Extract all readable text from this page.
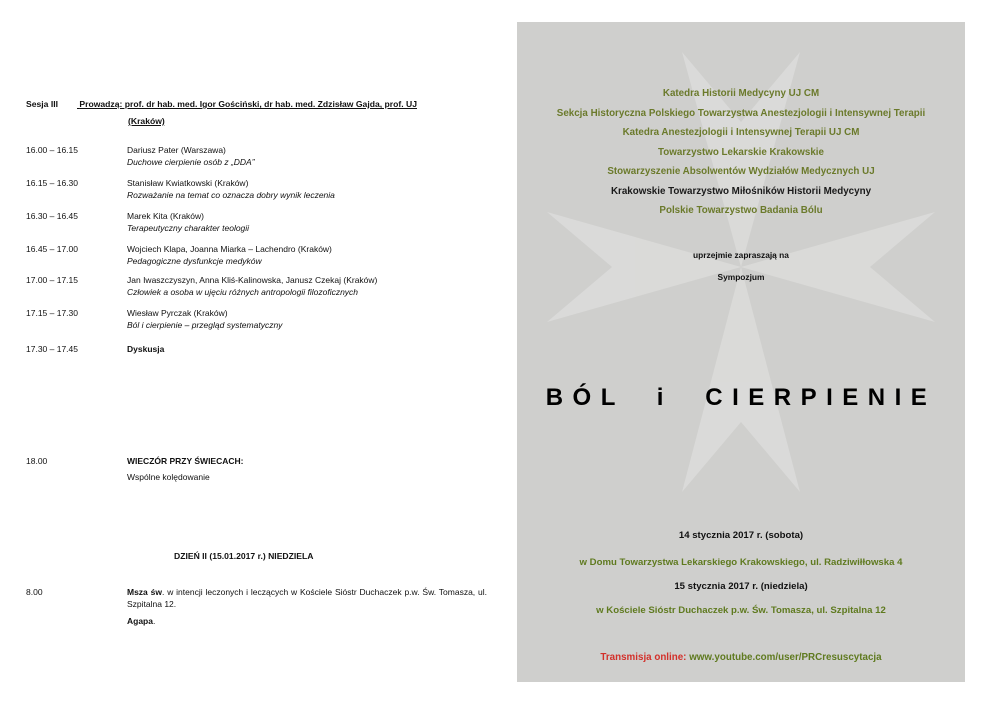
Sesja III Prowadzą: prof. dr hab. med. Igor Gościński, dr hab. med. Zdzisław Gajda, prof. UJ
(Kraków)
16.00 – 16.15	Dariusz Pater (Warszawa)
Duchowe cierpienie osób z „DDA”
16.15 – 16.30	Stanisław Kwiatkowski (Kraków)
Rozważanie na temat co oznacza dobry wynik leczenia
16.30 – 16.45	Marek Kita (Kraków)
Terapeutyczny charakter teologii
16.45 – 17.00	Wojciech Klapa, Joanna Miarka – Lachendro (Kraków)
Pedagogiczne dysfunkcje medyków
17.00 – 17.15	Jan Iwaszczyszyn, Anna Kliś-Kalinowska, Janusz Czekaj (Kraków)
Człowiek a osoba w ujęciu różnych antropologii filozoficznych
17.15 – 17.30	Wiesław Pyrczak (Kraków)
Ból i cierpienie – przegląd systematyczny
17.30 – 17.45	Dyskusja
18.00	WIECZÓR PRZY ŚWIECACH:
Wspólne kolędowanie
DZIEŃ II (15.01.2017 r.) NIEDZIELA
8.00	Msza św. w intencji leczonych i leczących w Kościele Sióstr Duchaczek p.w. Św. Tomasza, ul. Szpitalna 12.
Agapa.
Katedra Historii Medycyny UJ CM
Sekcja Historyczna Polskiego Towarzystwa Anestezjologii i Intensywnej Terapii
Katedra Anestezjologii i Intensywnej Terapii UJ CM
Towarzystwo Lekarskie Krakowskie
Stowarzyszenie Absolwentów Wydziałów Medycznych UJ
Krakowskie Towarzystwo Miłośników Historii Medycyny
Polskie Towarzystwo Badania Bólu
uprzejmie zapraszają na
Sympozjum
BÓL  i  CIERPIENIE
14 stycznia 2017 r. (sobota)
w Domu Towarzystwa Lekarskiego Krakowskiego, ul. Radziwiłłowska 4
15 stycznia 2017 r. (niedziela)
w Kościele Sióstr Duchaczek p.w. Św. Tomasza, ul. Szpitalna 12
Transmisja online: www.youtube.com/user/PRCresuscytacja
